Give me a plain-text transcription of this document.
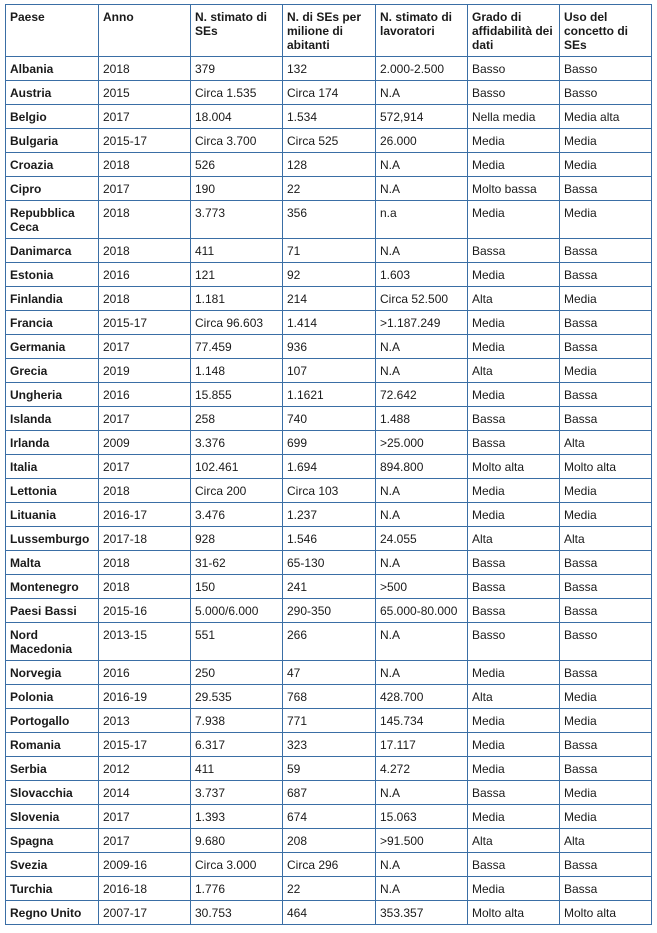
Paese	Anno	N. stimato di SEs	N. di SEs per milione di abitanti	N. stimato di lavoratori	Grado di affidabilità dei dati	Uso del concetto di SEs
Albania	2018	379	132	2.000-2.500	Basso	Basso
Austria	2015	Circa 1.535	Circa 174	N.A	Basso	Basso
Belgio	2017	18.004	1.534	572,914	Nella media	Media alta
Bulgaria	2015-17	Circa 3.700	Circa 525	26.000	Media	Media
Croazia	2018	526	128	N.A	Media	Media
Cipro	2017	190	22	N.A	Molto bassa	Bassa
Repubblica Ceca	2018	3.773	356	n.a	Media	Media
Danimarca	2018	411	71	N.A	Bassa	Bassa
Estonia	2016	121	92	1.603	Media	Bassa
Finlandia	2018	1.181	214	Circa 52.500	Alta	Media
Francia	2015-17	Circa 96.603	1.414	>1.187.249	Media	Bassa
Germania	2017	77.459	936	N.A	Media	Bassa
Grecia	2019	1.148	107	N.A	Alta	Media
Ungheria	2016	15.855	1.1621	72.642	Media	Bassa
Islanda	2017	258	740	1.488	Bassa	Bassa
Irlanda	2009	3.376	699	>25.000	Bassa	Alta
Italia	2017	102.461	1.694	894.800	Molto alta	Molto alta
Lettonia	2018	Circa 200	Circa 103	N.A	Media	Media
Lituania	2016-17	3.476	1.237	N.A	Media	Media
Lussemburgo	2017-18	928	1.546	24.055	Alta	Alta
Malta	2018	31-62	65-130	N.A	Bassa	Bassa
Montenegro	2018	150	241	>500	Bassa	Bassa
Paesi Bassi	2015-16	5.000/6.000	290-350	65.000-80.000	Bassa	Bassa
Nord Macedonia	2013-15	551	266	N.A	Basso	Basso
Norvegia	2016	250	47	N.A	Media	Bassa
Polonia	2016-19	29.535	768	428.700	Alta	Media
Portogallo	2013	7.938	771	145.734	Media	Media
Romania	2015-17	6.317	323	17.117	Media	Bassa
Serbia	2012	411	59	4.272	Media	Bassa
Slovacchia	2014	3.737	687	N.A	Bassa	Media
Slovenia	2017	1.393	674	15.063	Media	Media
Spagna	2017	9.680	208	>91.500	Alta	Alta
Svezia	2009-16	Circa 3.000	Circa 296	N.A	Bassa	Bassa
Turchia	2016-18	1.776	22	N.A	Media	Bassa
Regno Unito	2007-17	30.753	464	353.357	Molto alta	Molto alta
